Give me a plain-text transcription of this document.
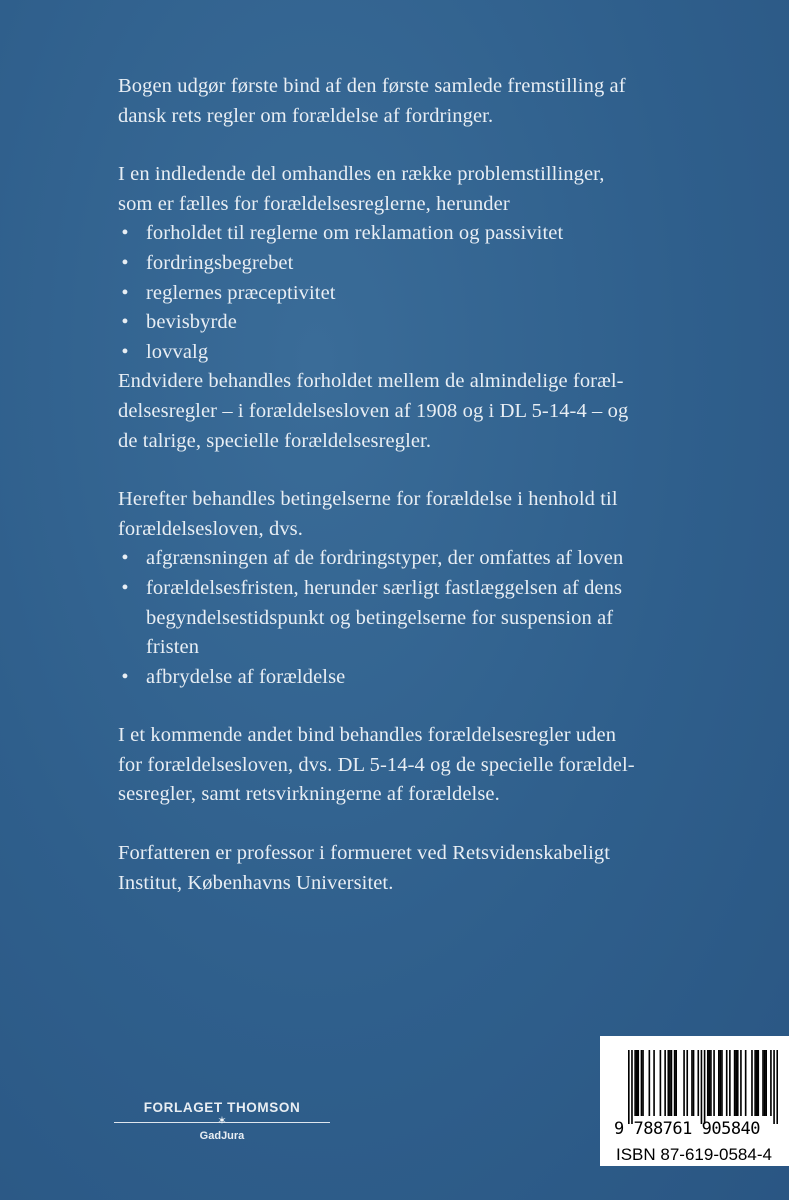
Bogen udgør første bind af den første samlede fremstilling af
dansk rets regler om forældelse af fordringer.

I en indledende del omhandles en række problemstillinger,
som er fælles for forældelsesreglerne, herunder

• forholdet til reglerne om reklamation og passivitet
• fordringsbegrebet
• reglernes præceptivitet
• bevisbyrde
• lovvalg

Endvidere behandles forholdet mellem de almindelige foræl-
delsesregler – i forældelsesloven af 1908 og i DL 5-14-4 – og
de talrige, specielle forældelsesregler.

Herefter behandles betingelserne for forældelse i henhold til
forældelsesloven, dvs.

• afgrænsningen af de fordringstyper, der omfattes af loven
• forældelsesfristen, herunder særligt fastlæggelsen af dens
begyndelsestidspunkt og betingelserne for suspension af
fristen
• afbrydelse af forældelse

I et kommende andet bind behandles forældelsesregler uden
for forældelsesloven, dvs. DL 5-14-4 og de specielle forældel-
sesregler, samt retsvirkningerne af forældelse.

Forfatteren er professor i formueret ved Retsvidenskabeligt
Institut, Københavns Universitet.

FORLAGET THOMSON
✶
GadJura	9 788761 905840
ISBN 87-619-0584-4
